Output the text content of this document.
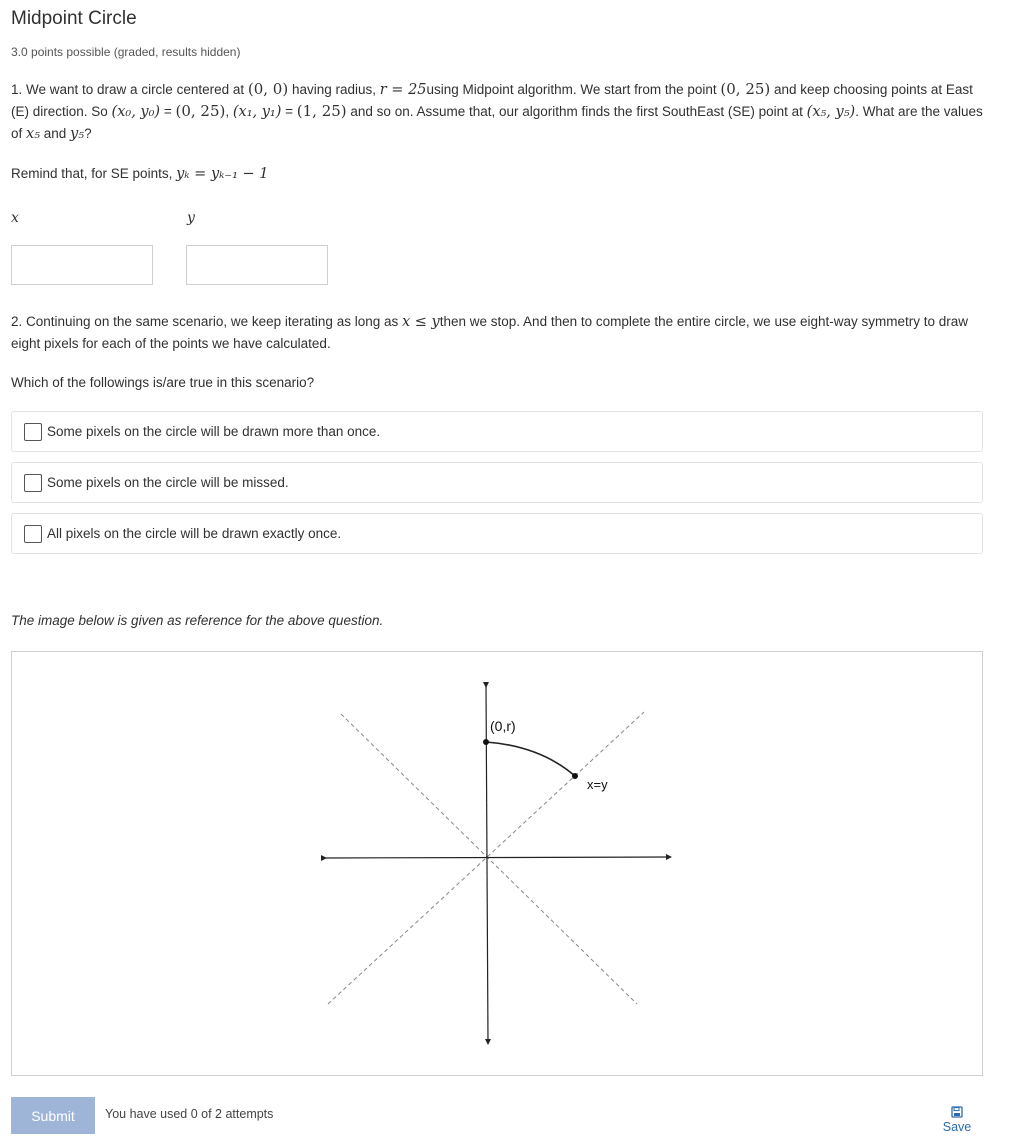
Midpoint Circle
3.0 points possible (graded, results hidden)
1. We want to draw a circle centered at (0, 0) having radius, r = 25using Midpoint algorithm. We start from the point (0, 25) and keep choosing points at East (E) direction. So (x₀, y₀) = (0, 25), (x₁, y₁) = (1, 25) and so on. Assume that, our algorithm finds the first SouthEast (SE) point at (x₅, y₅). What are the values of x₅ and y₅?
Remind that, for SE points, yₖ = yₖ₋₁ − 1
x	y
2. Continuing on the same scenario, we keep iterating as long as x ≤ ythen we stop. And then to complete the entire circle, we use eight-way symmetry to draw eight pixels for each of the points we have calculated.
Which of the followings is/are true in this scenario?
Some pixels on the circle will be drawn more than once.
Some pixels on the circle will be missed.
All pixels on the circle will be drawn exactly once.
The image below is given as reference for the above question.
(0,r)
x=y
Submit	You have used 0 of 2 attempts
Save
